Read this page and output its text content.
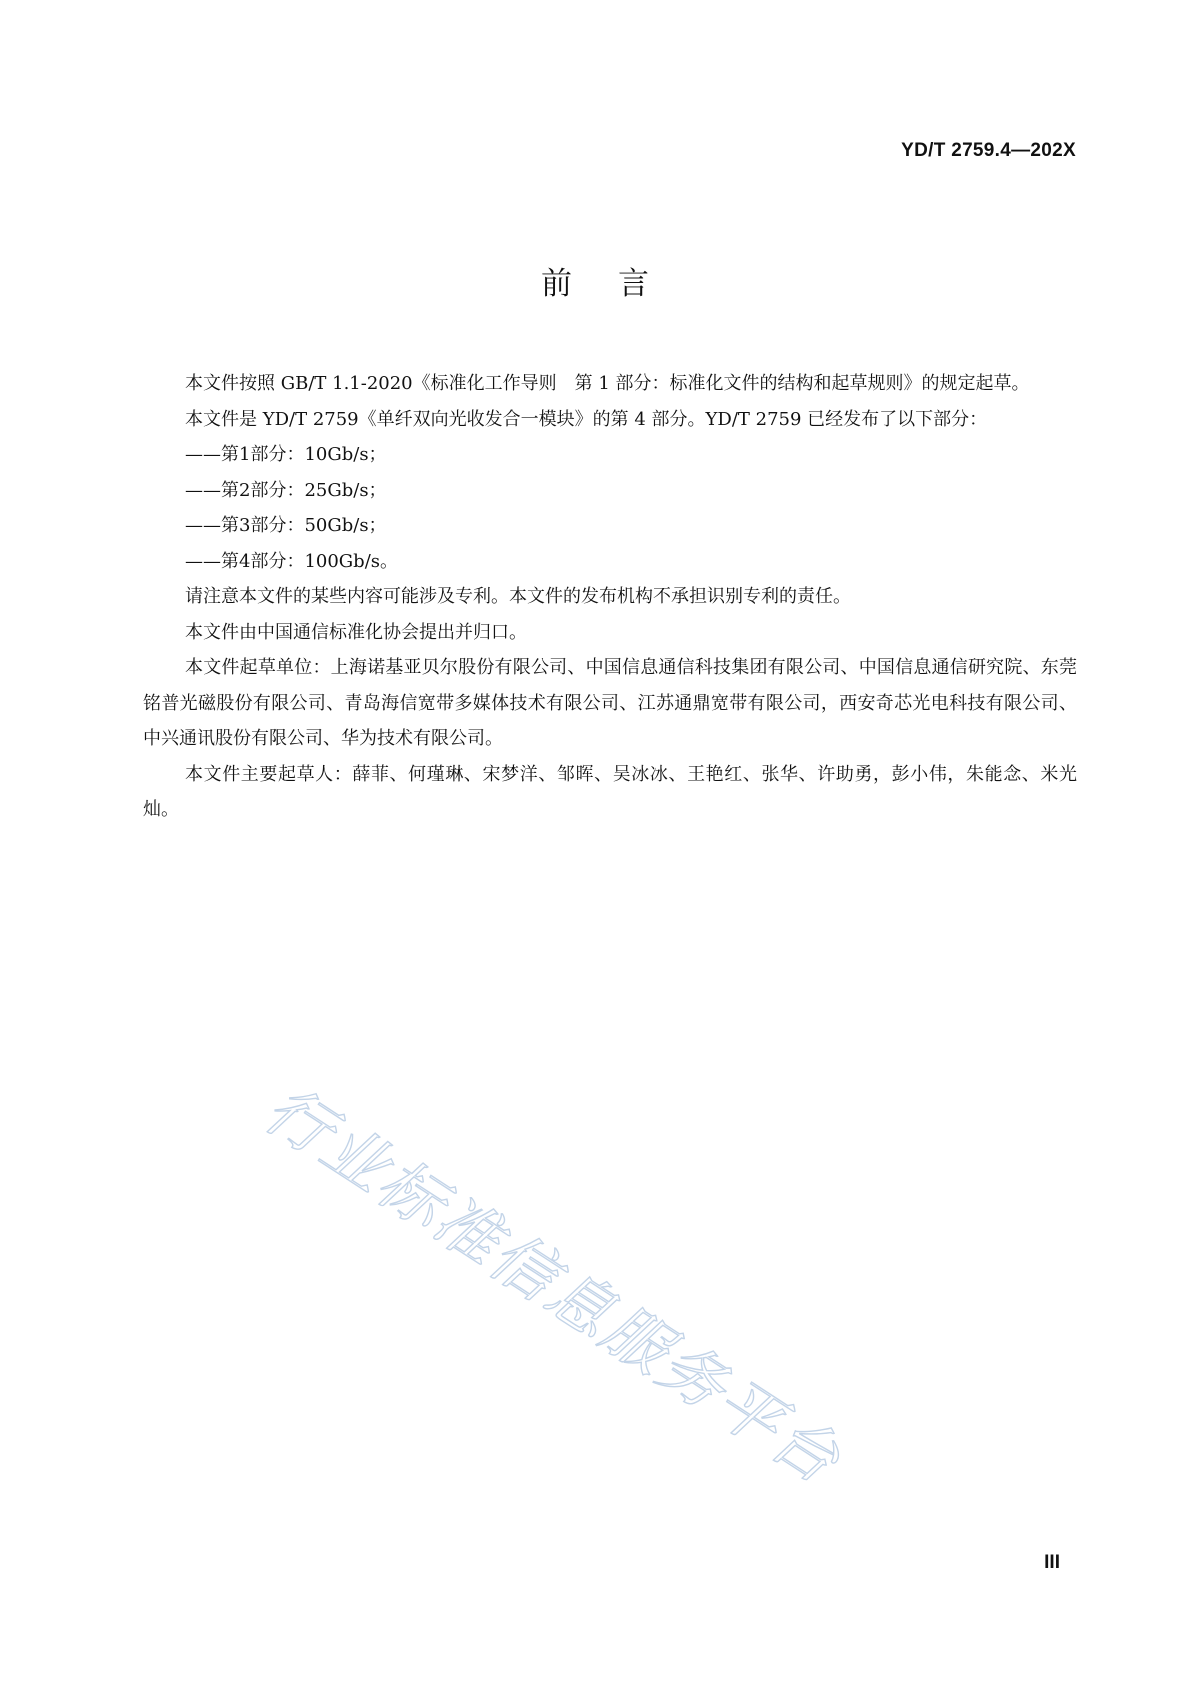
YD/T 2759.4—202X
前言

本文件按照 GB/T 1.1-2020《标准化工作导则　第 1 部分：标准化文件的结构和起草规则》的规定起草。

本文件是 YD/T 2759《单纤双向光收发合一模块》的第 4 部分。YD/T 2759 已经发布了以下部分：

——第1部分：10Gb/s；

——第2部分：25Gb/s；

——第3部分：50Gb/s；

——第4部分：100Gb/s。

请注意本文件的某些内容可能涉及专利。本文件的发布机构不承担识别专利的责任。

本文件由中国通信标准化协会提出并归口。

本文件起草单位：上海诺基亚贝尔股份有限公司、中国信息通信科技集团有限公司、中国信息通信研究院、东莞铭普光磁股份有限公司、青岛海信宽带多媒体技术有限公司、江苏通鼎宽带有限公司，西安奇芯光电科技有限公司、中兴通讯股份有限公司、华为技术有限公司。

本文件主要起草人：薛菲、何瑾琳、宋梦洋、邹晖、吴冰冰、王艳红、张华、许助勇，彭小伟，朱能念、米光灿。

行业标准信息服务平台
III
